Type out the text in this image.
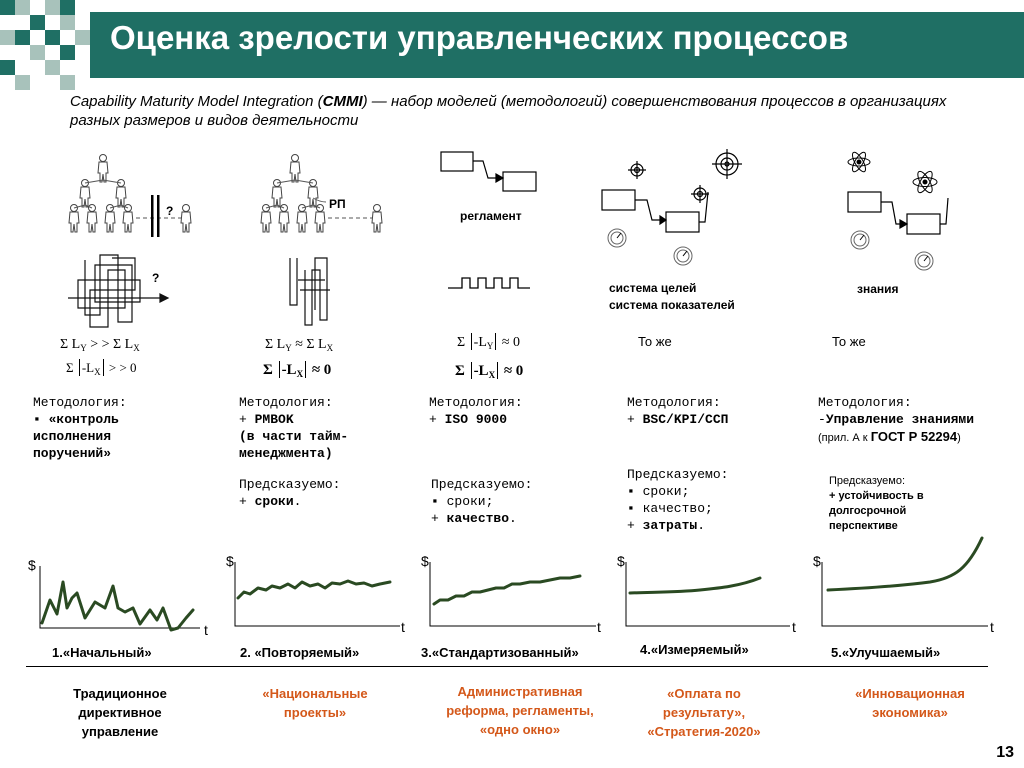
Оценка зрелости управленческих процессов
Capability Maturity Model Integration (CMMI) — набор моделей (методологий) совершенствования процессов в организациях разных размеров и видов деятельности
?
?
РП
регламент
система целей
система показателей
знания
Σ $L_Y$ > > Σ $L_X$
Σ $-L_X$ > > 0
Σ $L_Y \approx \Sigma$ $L_X$
Σ $-L_X \approx 0$
Σ $-L_Y \approx 0$
Σ $-L_X \approx 0$
То же	То же
Методология:
▪ «контроль
исполнения
поручений»
Методология:
+ PMBOK
(в части тайм-
менеджмента)
Предсказуемо:
+ сроки.
Методология:
+ ISO 9000
Предсказуемо:
▪ сроки;
+ качество.
Методология:
+ BSC/KPI/ССП
Предсказуемо:
▪ сроки;
▪ качество;
+ затраты.
Методология:
-Управление знаниями
(прил. А к ГОСТ Р 52294)
Предсказуемо:
+ устойчивость в
долгосрочной
перспективе
$	$	$	$	$
t	t	t	t	t
1.«Начальный»	2. «Повторяемый»	3.«Стандартизованный»	4.«Измеряемый»	5.«Улучшаемый»
Традиционное
директивное
управление
«Национальные
проекты»
Административная
реформа, регламенты,
«одно окно»
«Оплата по
результату»,
«Стратегия-2020»
«Инновационная
экономика»
13
